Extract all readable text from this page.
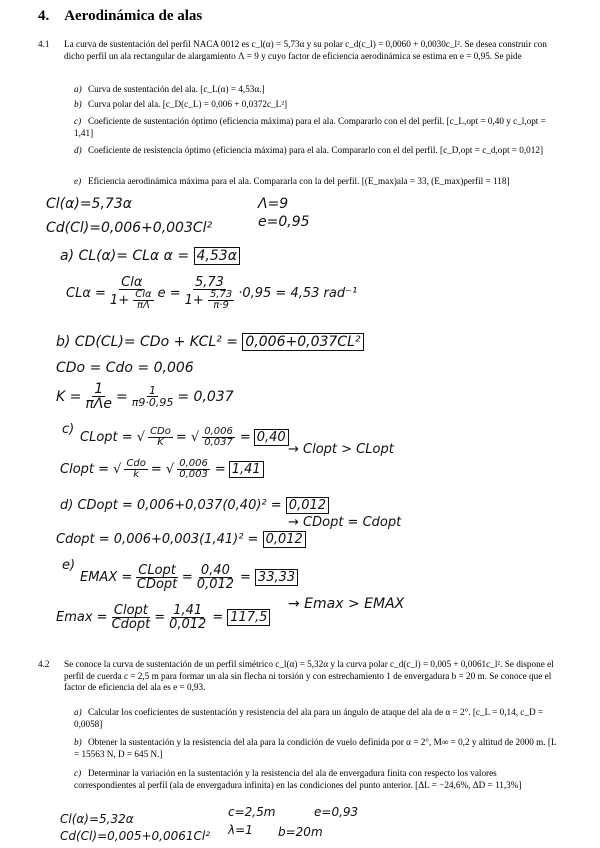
4. Aerodinámica de alas
4.1 La curva de sustentación del perfil NACA 0012 es c_l(α) = 5,73α y su polar c_d(c_l) = 0,0060 + 0,0030c_l². Se desea construir con dicho perfil un ala rectangular de alargamiento Λ = 9 y cuyo factor de eficiencia aerodinámica se estima en e = 0,95. Se pide
a) Curva de sustentación del ala. [c_L(α) = 4,53α.]
b) Curva polar del ala. [c_D(c_L) = 0,006 + 0,0372c_L²]
c) Coeficiente de sustentación óptimo (eficiencia máxima) para el ala. Compararlo con el del perfil. [c_L,opt = 0,40 y c_l,opt = 1,41]
d) Coeficiente de resistencia óptimo (eficiencia máxima) para el ala. Compararlo con el del perfil. [c_D,opt = c_d,opt = 0,012]
e) Eficiencia aerodinámica máxima para el ala. Compararla con la del perfil. [(E_max)ala = 33, (E_max)perfil = 118]
Cl(α)=5,73α
Cd(Cl)=0,006+0,003Cl²
Λ=9
e=0,95
a) CL(α)= CLα α = 4,53α
$CL\alpha = \frac{\text{Clα}}{1+ \frac{\text{Clα}}{\pi\Lambda}}$ $e = \frac{5,73}{1+ \frac{5,73}{\pi\cdot 9}} \cdot 0,95 = 4,53$ rad⁻¹
b) CD(CL)= CDo + KCL² = 0,006+0,037CL²
CDo = Cdo = 0,006
$K = \frac{1}{\text{πΛe}} = \frac{1}{\pi 9\cdot 0,95} = 0,037$
c)
CLopt = √ $\frac{\text{CDo}}{K}$ = √ $\frac{0,006}{0,037} = 0,40$
→ Clopt > CLopt
Clopt = √ $\frac{\text{Cdo}}{k}$ = √ $\frac{0,006}{0,003} = 1,41$
d) CDopt = 0,006+0,037(0,40)² = 0,012
→ CDopt = Cdopt
Cdopt = 0,006+0,003(1,41)² = 0,012
e)
EMAX = $\frac{\text{CLopt}}{\text{CDopt}} = \frac{0,40}{0,012} = 33,33$
→ Emax > EMAX
$Emax = \frac{\text{Clopt}}{\text{Cdopt}} = \frac{1,41}{0,012} = 117,5$
4.2 Se conoce la curva de sustentación de un perfil simétrico c_l(α) = 5,32α y la curva polar c_d(c_l) = 0,005 + 0,0061c_l². Se dispone el perfil de cuerda c = 2,5 m para formar un ala sin flecha ni torsión y con estrechamiento 1 de envergadura b = 20 m. Se conoce que el factor de eficiencia del ala es e = 0,93.
a) Calcular los coeficientes de sustentación y resistencia del ala para un ángulo de ataque del ala de α = 2°. [c_L = 0,14, c_D = 0,0058]
b) Obtener la sustentación y la resistencia del ala para la condición de vuelo definida por α = 2°, M∞ = 0,2 y altitud de 2000 m. [L = 15563 N, D = 645 N.]
c) Determinar la variación en la sustentación y la resistencia del ala de envergadura finita con respecto los valores correspondientes al perfil (ala de envergadura infinita) en las condiciones del punto anterior. [ΔL = −24,6%, ΔD = 11,3%]
Cl(α)=5,32α
Cd(Cl)=0,005+0,0061Cl²
c=2,5m	e=0,93
λ=1 b=20m
